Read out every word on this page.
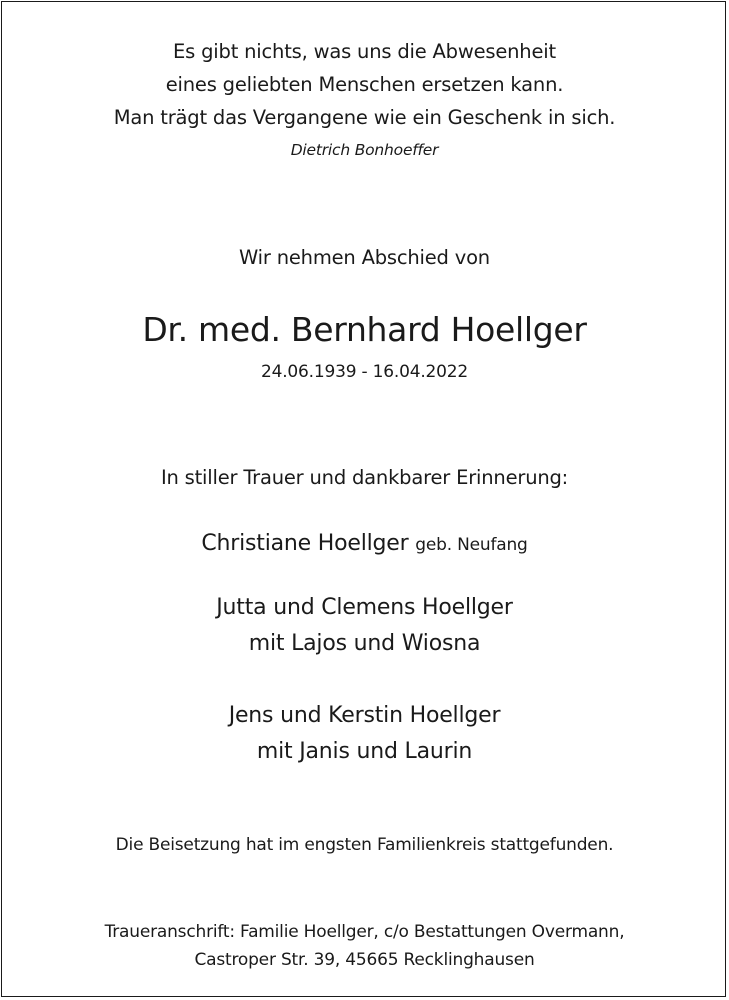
Es gibt nichts, was uns die Abwesenheit
eines geliebten Menschen ersetzen kann.
Man trägt das Vergangene wie ein Geschenk in sich.
Dietrich Bonhoeffer
Wir nehmen Abschied von
Dr. med. Bernhard Hoellger
24.06.1939 - 16.04.2022
In stiller Trauer und dankbarer Erinnerung:
Christiane Hoellger geb. Neufang
Jutta und Clemens Hoellger
mit Lajos und Wiosna
Jens und Kerstin Hoellger
mit Janis und Laurin
Die Beisetzung hat im engsten Familienkreis stattgefunden.
Traueranschrift: Familie Hoellger, c/o Bestattungen Overmann,
Castroper Str. 39, 45665 Recklinghausen
